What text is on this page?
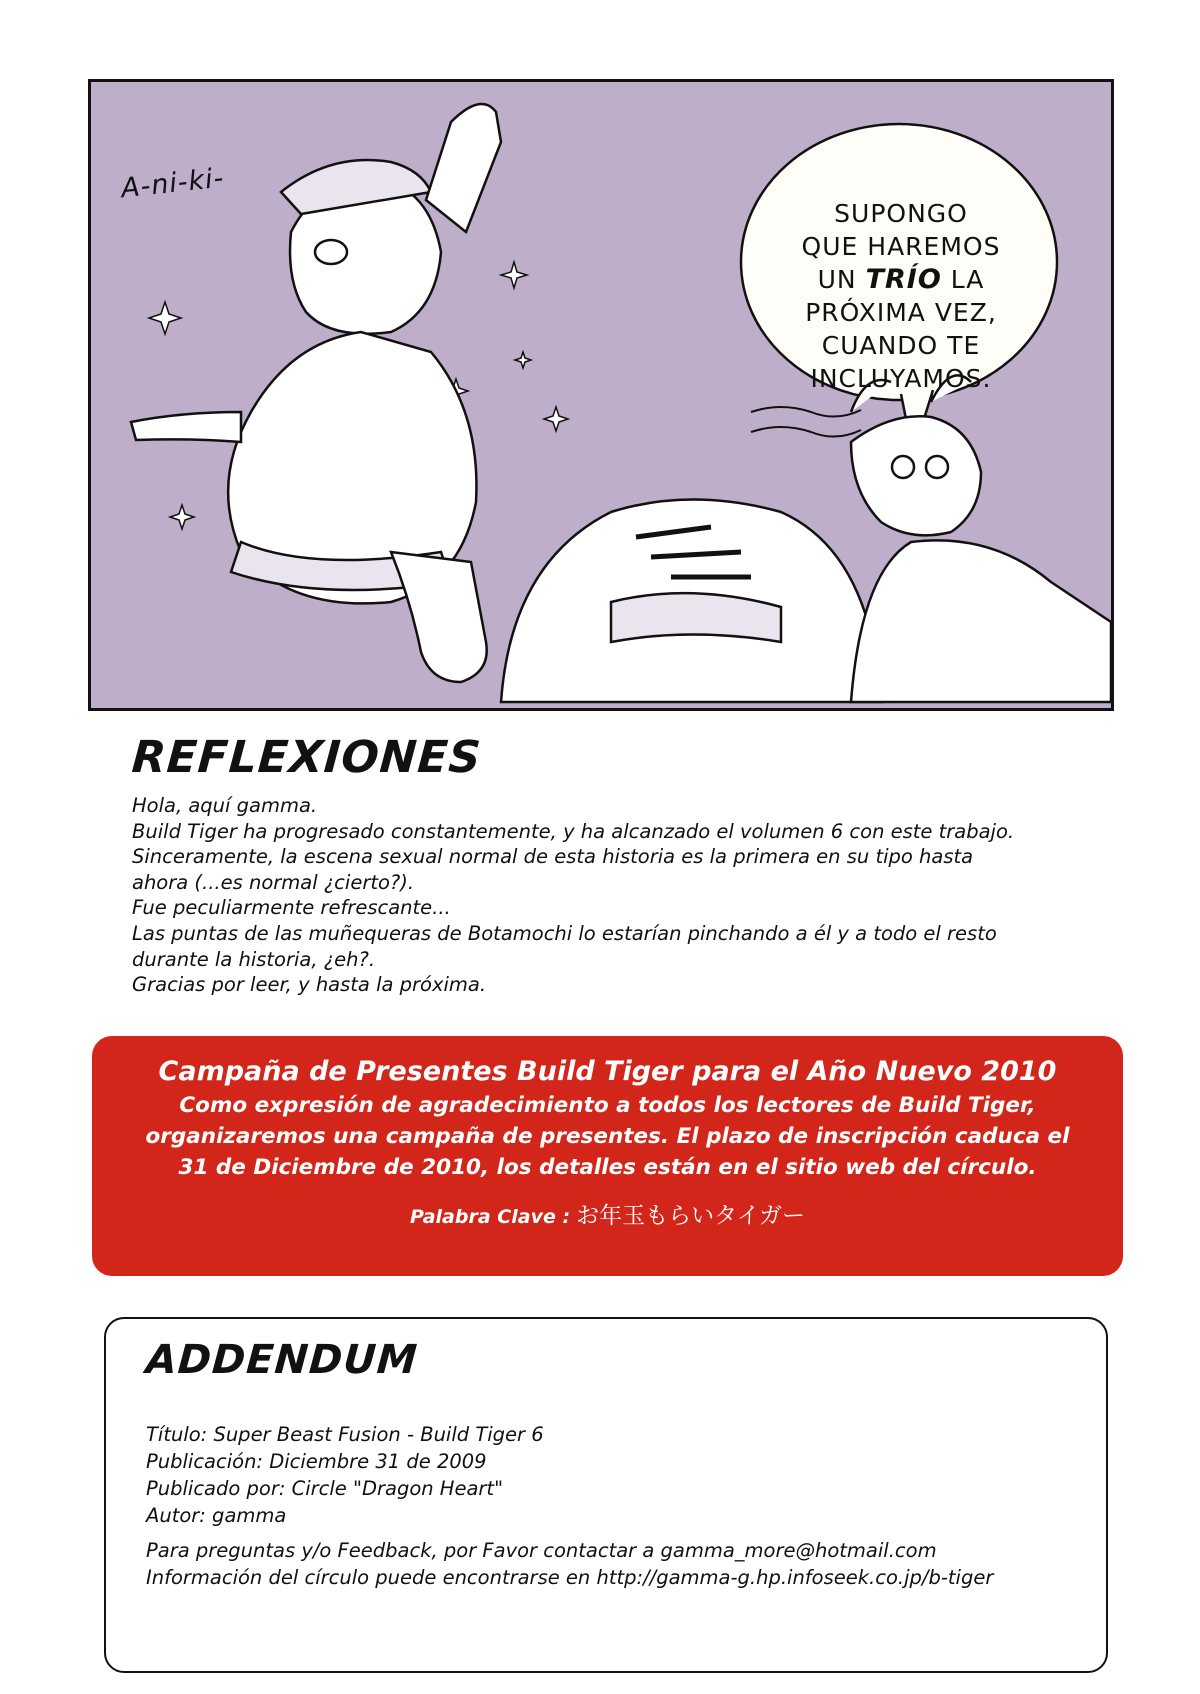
A-ni-ki-
SUPONGO
QUE HAREMOS
UN TRÍO LA
PRÓXIMA VEZ,
CUANDO TE
INCLUYAMOS.
REFLEXIONES

Hola, aquí gamma.

Build Tiger ha progresado constantemente, y ha alcanzado el volumen 6 con este trabajo.

Sinceramente, la escena sexual normal de esta historia es la primera en su tipo hasta

ahora (...es normal ¿cierto?).

Fue peculiarmente refrescante...

Las puntas de las muñequeras de Botamochi lo estarían pinchando a él y a todo el resto

durante la historia, ¿eh?.

Gracias por leer, y hasta la próxima.

Campaña de Presentes Build Tiger para el Año Nuevo 2010
Como expresión de agradecimiento a todos los lectores de Build Tiger,
organizaremos una campaña de presentes. El plazo de inscripción caduca el
31 de Diciembre de 2010, los detalles están en el sitio web del círculo.
Palabra Clave : お年玉もらいタイガー
ADDENDUM

Título: Super Beast Fusion - Build Tiger 6

Publicación: Diciembre 31 de 2009

Publicado por: Circle "Dragon Heart"

Autor: gamma

Para preguntas y/o Feedback, por Favor contactar a gamma_more@hotmail.com

Información del círculo puede encontrarse en http://gamma-g.hp.infoseek.co.jp/b-tiger
